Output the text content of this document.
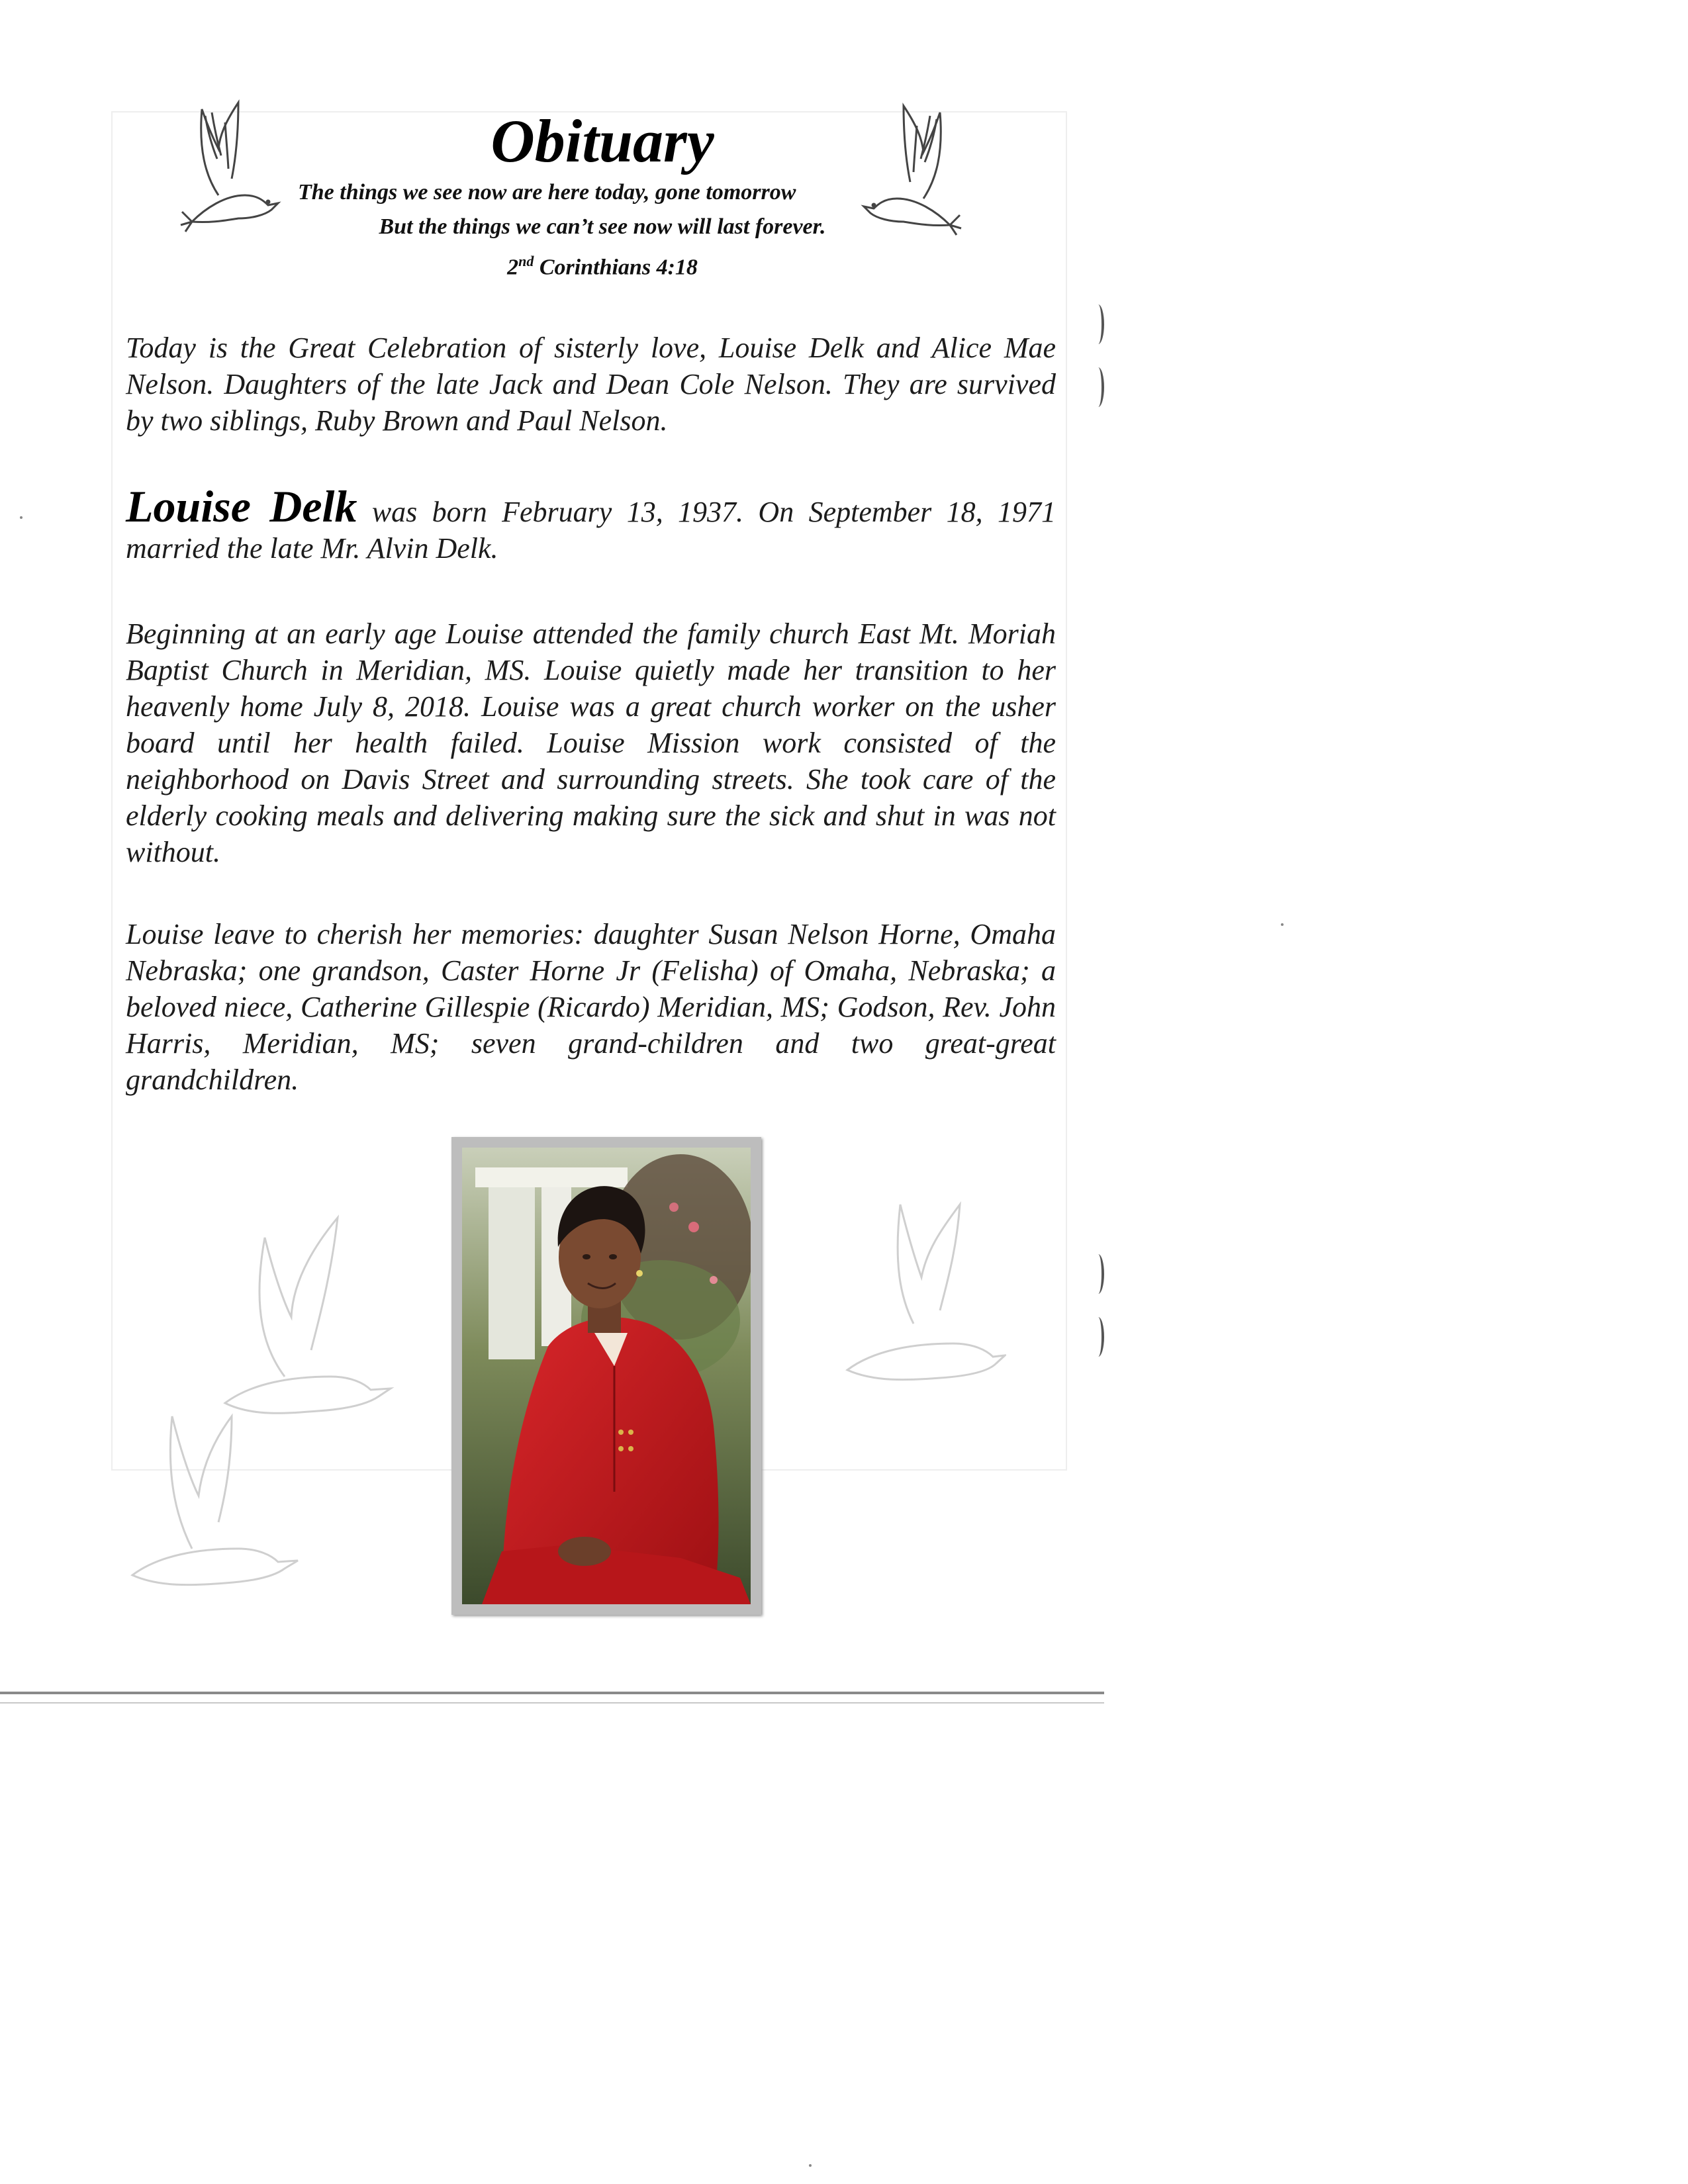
Obituary
The things we see now are here today, gone tomorrow
But the things we can’t see now will last forever.
2nd Corinthians 4:18

Today is the Great Celebration of sisterly love, Louise Delk and Alice Mae Nelson. Daughters of the late Jack and Dean Cole Nelson. They are survived by two siblings, Ruby Brown and Paul Nelson.

Louise Delk was born February 13, 1937. On September 18, 1971 married the late Mr. Alvin Delk.

Beginning at an early age Louise attended the family church East Mt. Moriah Baptist Church in Meridian, MS. Louise quietly made her transition to her heavenly home July 8, 2018. Louise was a great church worker on the usher board until her health failed. Louise Mission work consisted of the neighborhood on Davis Street and surrounding streets. She took care of the elderly cooking meals and delivering making sure the sick and shut in was not without.

Louise leave to cherish her memories: daughter Susan Nelson Horne, Omaha Nebraska; one grandson, Caster Horne Jr (Felisha) of Omaha, Nebraska; a beloved niece, Catherine Gillespie (Ricardo) Meridian, MS; Godson, Rev. John Harris, Meridian, MS; seven grand-children and two great-great grandchildren.
